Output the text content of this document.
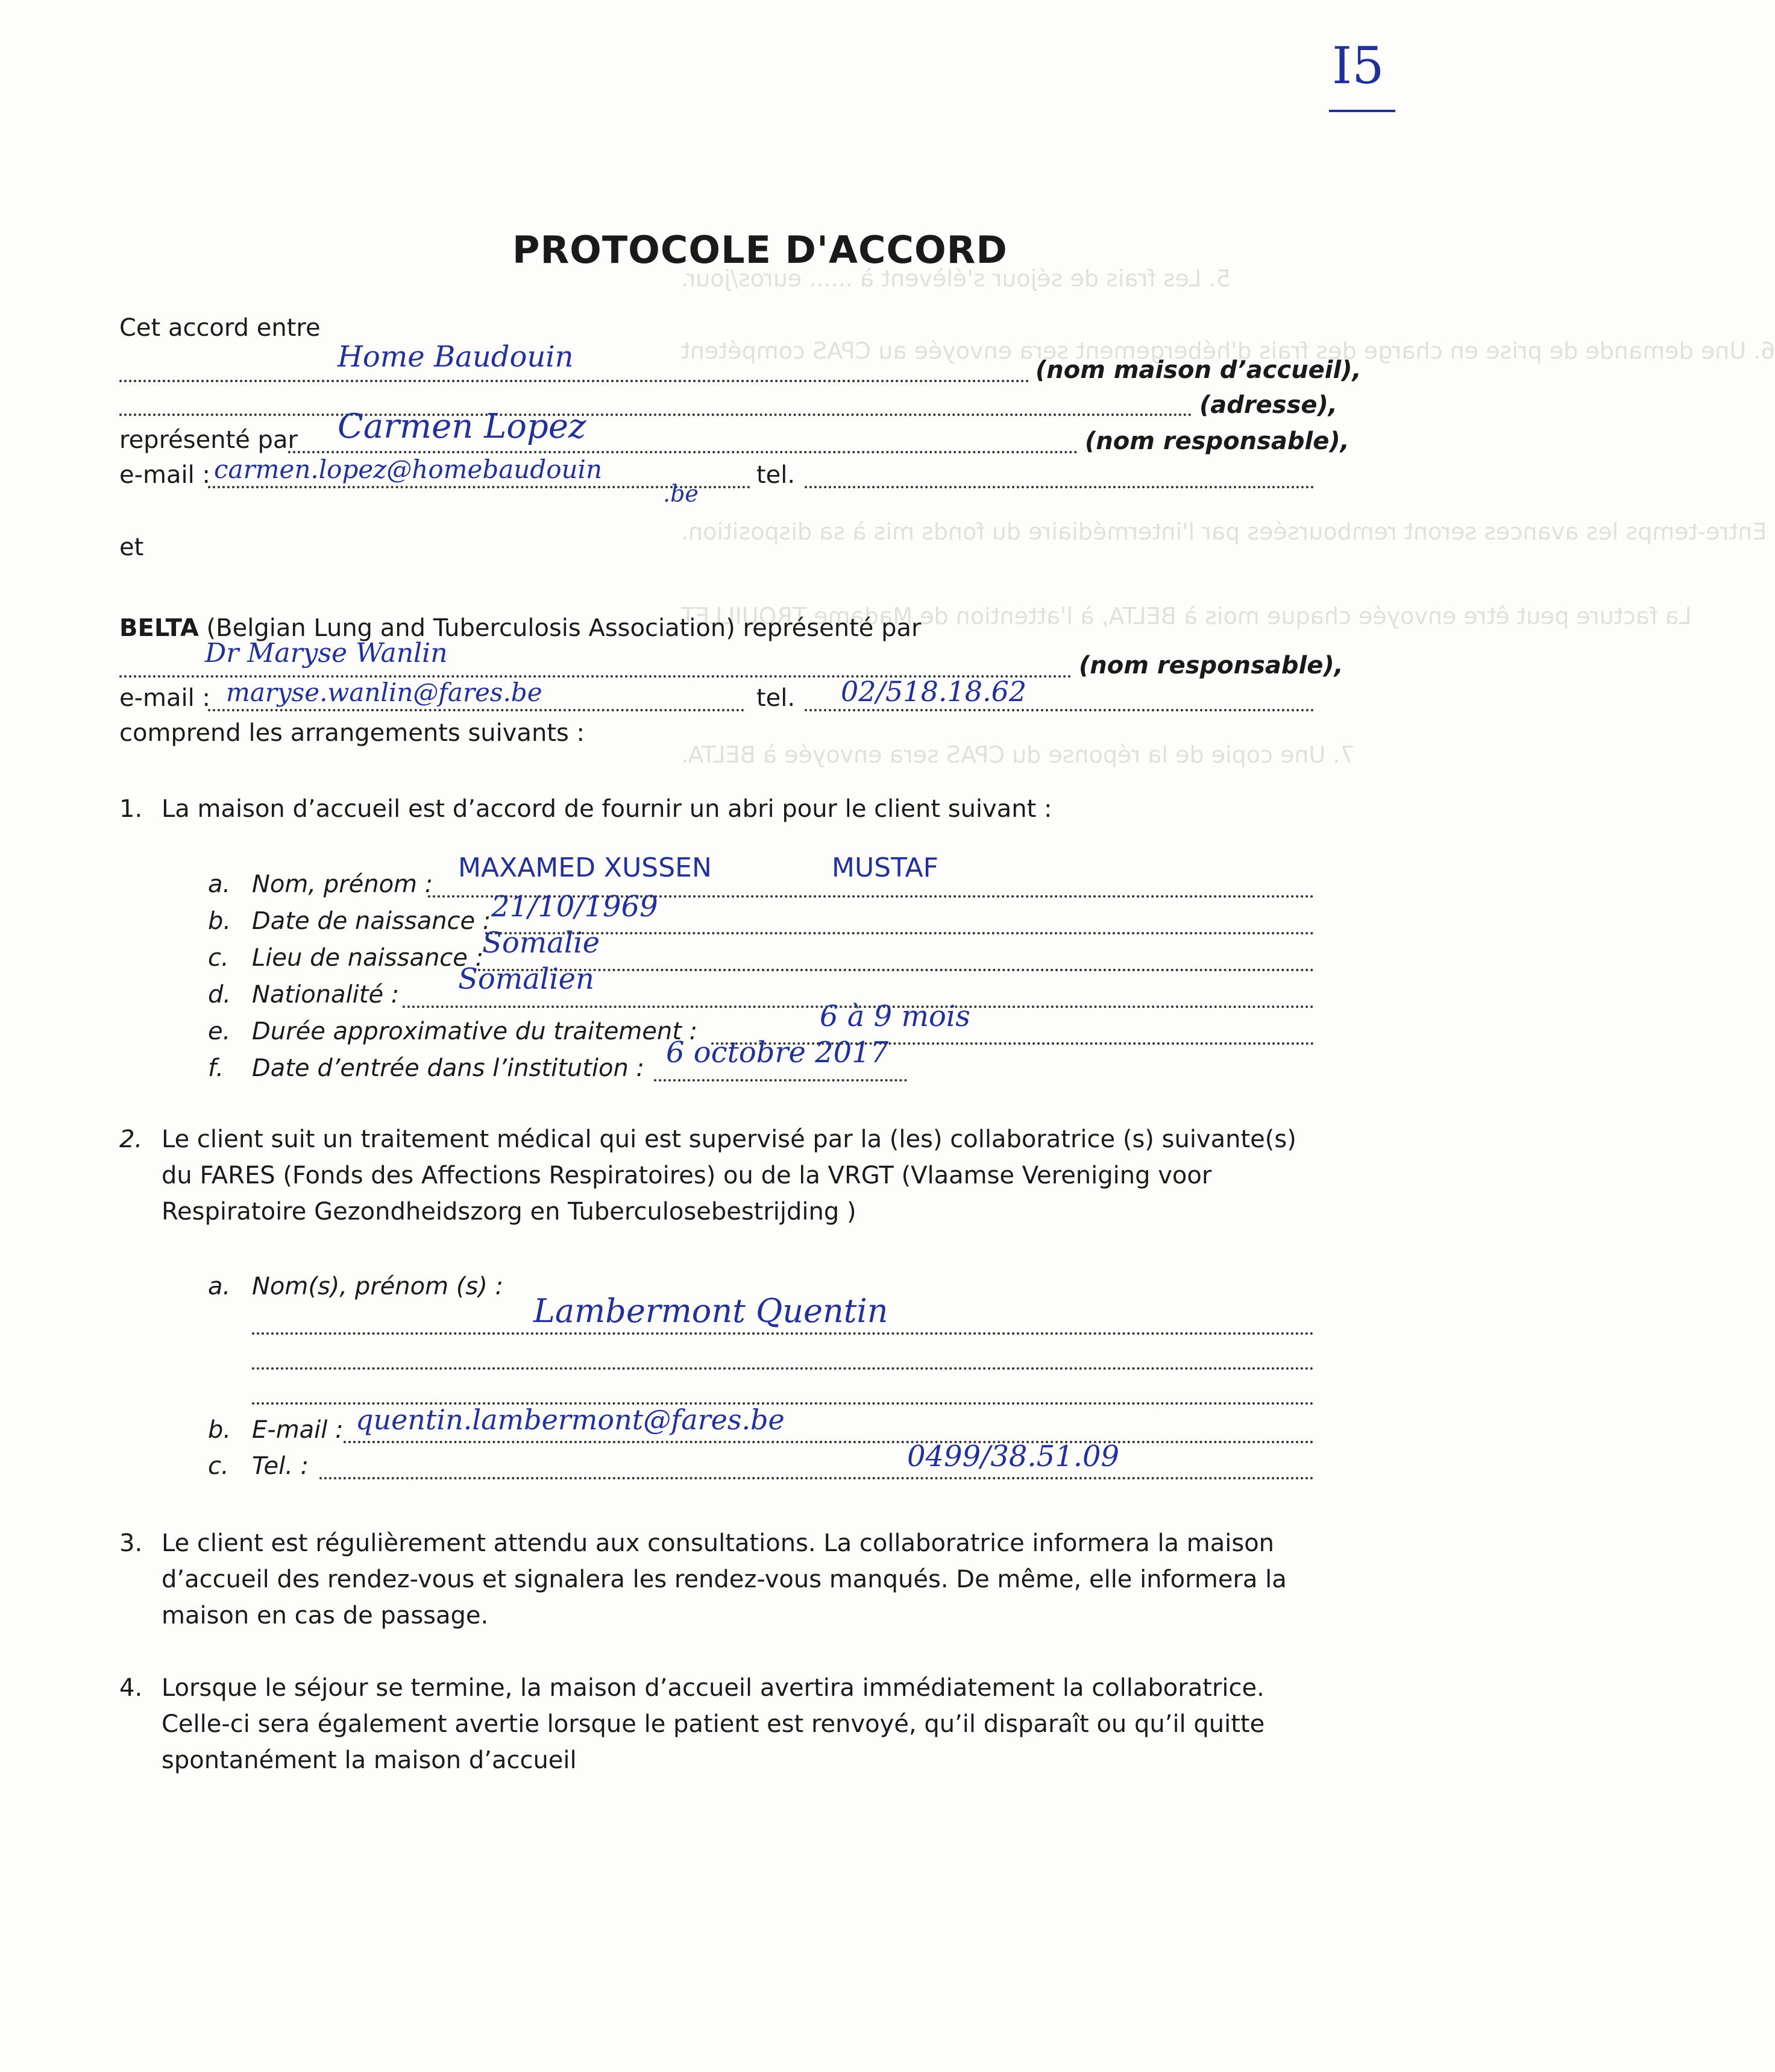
5. Les frais de séjour s'élèvent à ...... euros/jour.
6. Une demande de prise en charge des frais d'hébergement sera envoyée au CPAS compétent
Entre-temps les avances seront remboursées par l'intermédiaire du fonds mis à sa disposition.
La facture peut être envoyée chaque mois à BELTA, à l'attention de Madame TROUILLET
7. Une copie de la réponse du CPAS sera envoyée à BELTA.
I5
PROTOCOLE D'ACCORD
Cet accord entre
Home Baudouin	(nom maison d’accueil),
(adresse),
représenté par Carmen Lopez	(nom responsable),
e-mail : carmen.lopez@homebaudouin
.be
tel.
et
BELTA (Belgian Lung and Tuberculosis Association) représenté par
Dr Maryse Wanlin	(nom responsable),
e-mail : maryse.wanlin@fares.be	tel. 02/518.18.62
comprend les arrangements suivants :
1. La maison d’accueil est d’accord de fournir un abri pour le client suivant :
a. Nom, prénom :
MAXAMED XUSSEN	MUSTAF
b. Date de naissance : 21/10/1969
c. Lieu de naissance :
Somalie
d. Nationalité : Somalien
e. Durée approximative du traitement :	6 à 9 mois
f. Date d’entrée dans l’institution : 6 octobre 2017
2. Le client suit un traitement médical qui est supervisé par la (les) collaboratrice (s) suivante(s)
du FARES (Fonds des Affections Respiratoires) ou de la VRGT (Vlaamse Vereniging voor
Respiratoire Gezondheidszorg en Tuberculosebestrijding )
a. Nom(s), prénom (s) :
Lambermont Quentin
b. E-mail : quentin.lambermont@fares.be
c. Tel. :	0499/38.51.09
3. Le client est régulièrement attendu aux consultations. La collaboratrice informera la maison
d’accueil des rendez-vous et signalera les rendez-vous manqués. De même, elle informera la
maison en cas de passage.
4. Lorsque le séjour se termine, la maison d’accueil avertira immédiatement la collaboratrice.
Celle-ci sera également avertie lorsque le patient est renvoyé, qu’il disparaît ou qu’il quitte
spontanément la maison d’accueil
